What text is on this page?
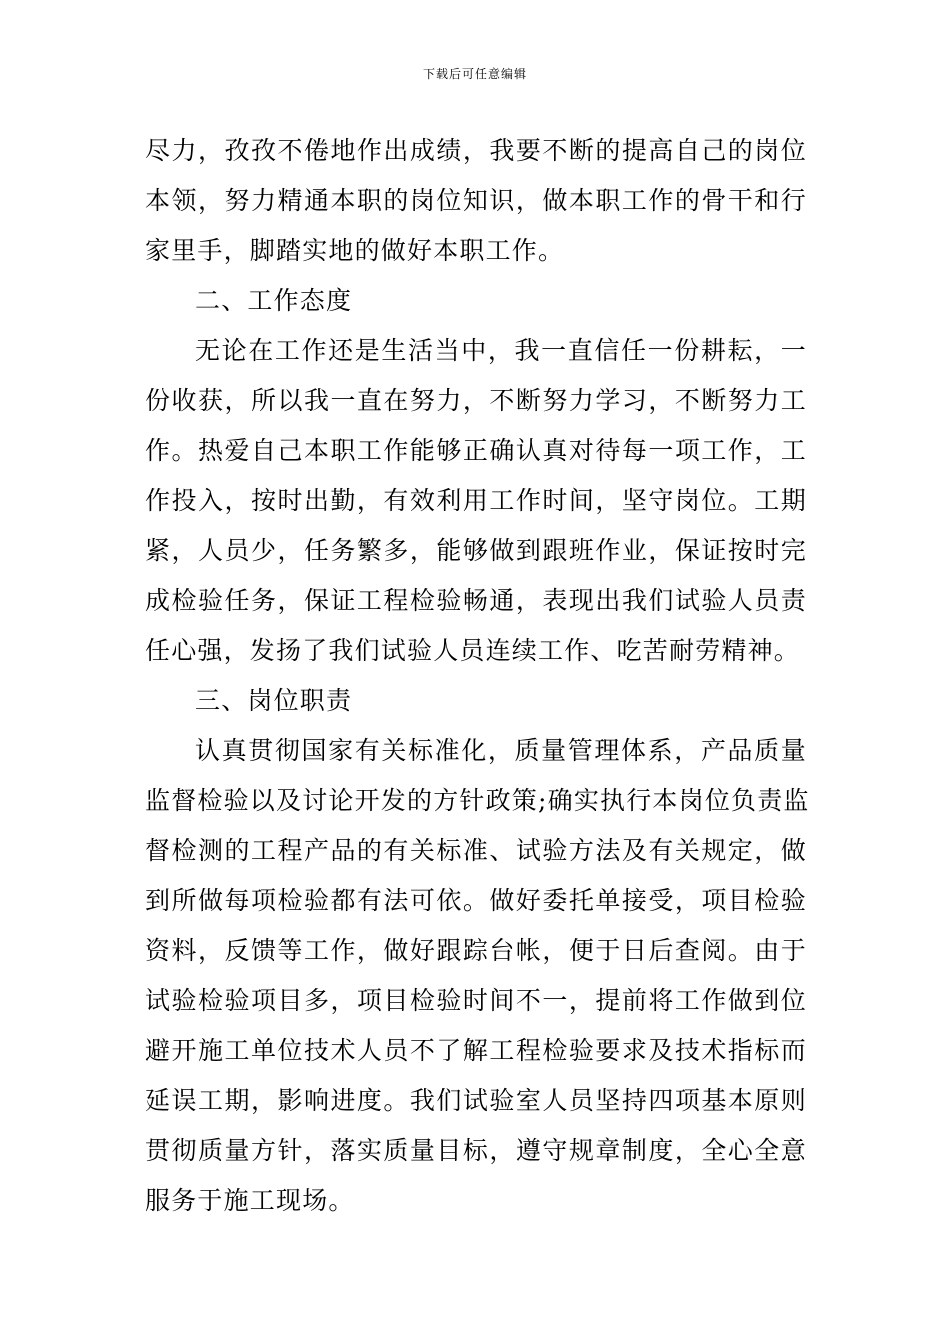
下载后可任意编辑
尽力，孜孜不倦地作出成绩，我要不断的提高自己的岗位
本领，努力精通本职的岗位知识，做本职工作的骨干和行
家里手，脚踏实地的做好本职工作。
二、工作态度
无论在工作还是生活当中，我一直信任一份耕耘，一
份收获，所以我一直在努力，不断努力学习，不断努力工
作。热爱自己本职工作能够正确认真对待每一项工作，工
作投入，按时出勤，有效利用工作时间，坚守岗位。工期
紧，人员少，任务繁多，能够做到跟班作业，保证按时完
成检验任务，保证工程检验畅通，表现出我们试验人员责
任心强，发扬了我们试验人员连续工作、吃苦耐劳精神。
三、岗位职责
认真贯彻国家有关标准化，质量管理体系，产品质量
监督检验以及讨论开发的方针政策;确实执行本岗位负责监
督检测的工程产品的有关标准、试验方法及有关规定，做
到所做每项检验都有法可依。做好委托单接受，项目检验
资料，反馈等工作，做好跟踪台帐，便于日后查阅。由于
试验检验项目多，项目检验时间不一，提前将工作做到位
避开施工单位技术人员不了解工程检验要求及技术指标而
延误工期，影响进度。我们试验室人员坚持四项基本原则
贯彻质量方针，落实质量目标，遵守规章制度，全心全意
服务于施工现场。
